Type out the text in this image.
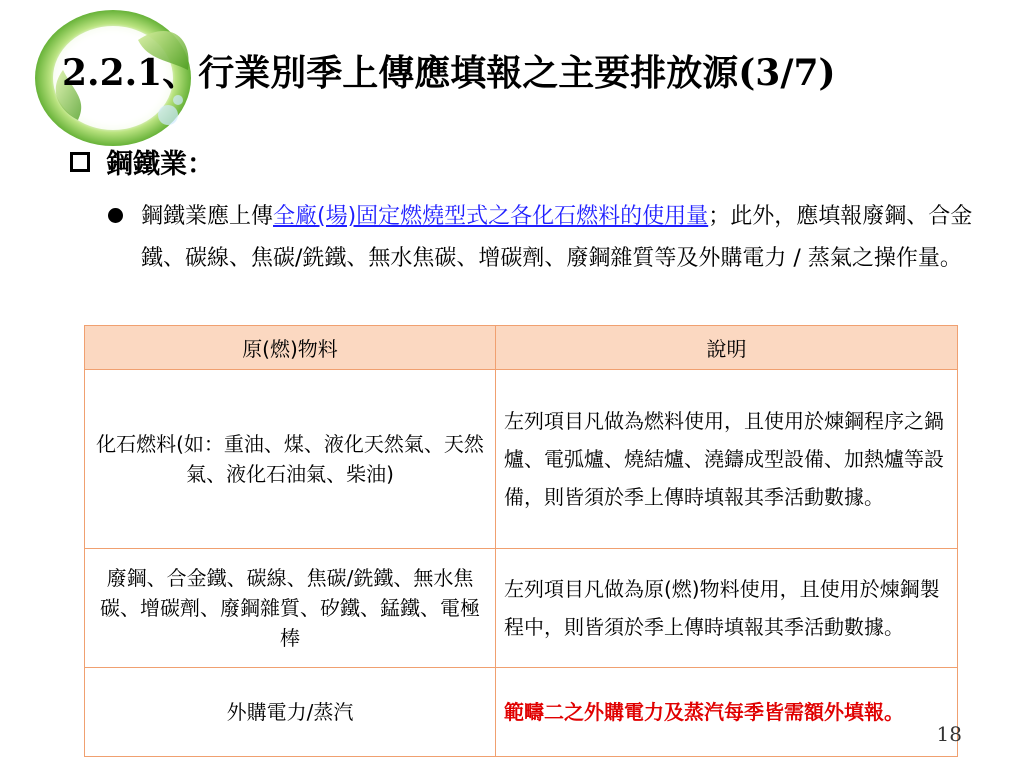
2.2.1、行業別季上傳應填報之主要排放源(3/7)
鋼鐵業：
鋼鐵業應上傳全廠(場)固定燃燒型式之各化石燃料的使用量；此外，應填報廢鋼、合金鐵、碳線、焦碳/銑鐵、無水焦碳、增碳劑、廢鋼雜質等及外購電力 / 蒸氣之操作量。
原(燃)物料	說明
化石燃料(如：重油、煤、液化天然氣、天然氣、液化石油氣、柴油)	左列項目凡做為燃料使用，且使用於煉鋼程序之鍋爐、電弧爐、燒結爐、澆鑄成型設備、加熱爐等設備，則皆須於季上傳時填報其季活動數據。
廢鋼、合金鐵、碳線、焦碳/銑鐵、無水焦碳、增碳劑、廢鋼雜質、矽鐵、錳鐵、電極棒	左列項目凡做為原(燃)物料使用，且使用於煉鋼製程中，則皆須於季上傳時填報其季活動數據。
外購電力/蒸汽	範疇二之外購電力及蒸汽每季皆需額外填報。
18
